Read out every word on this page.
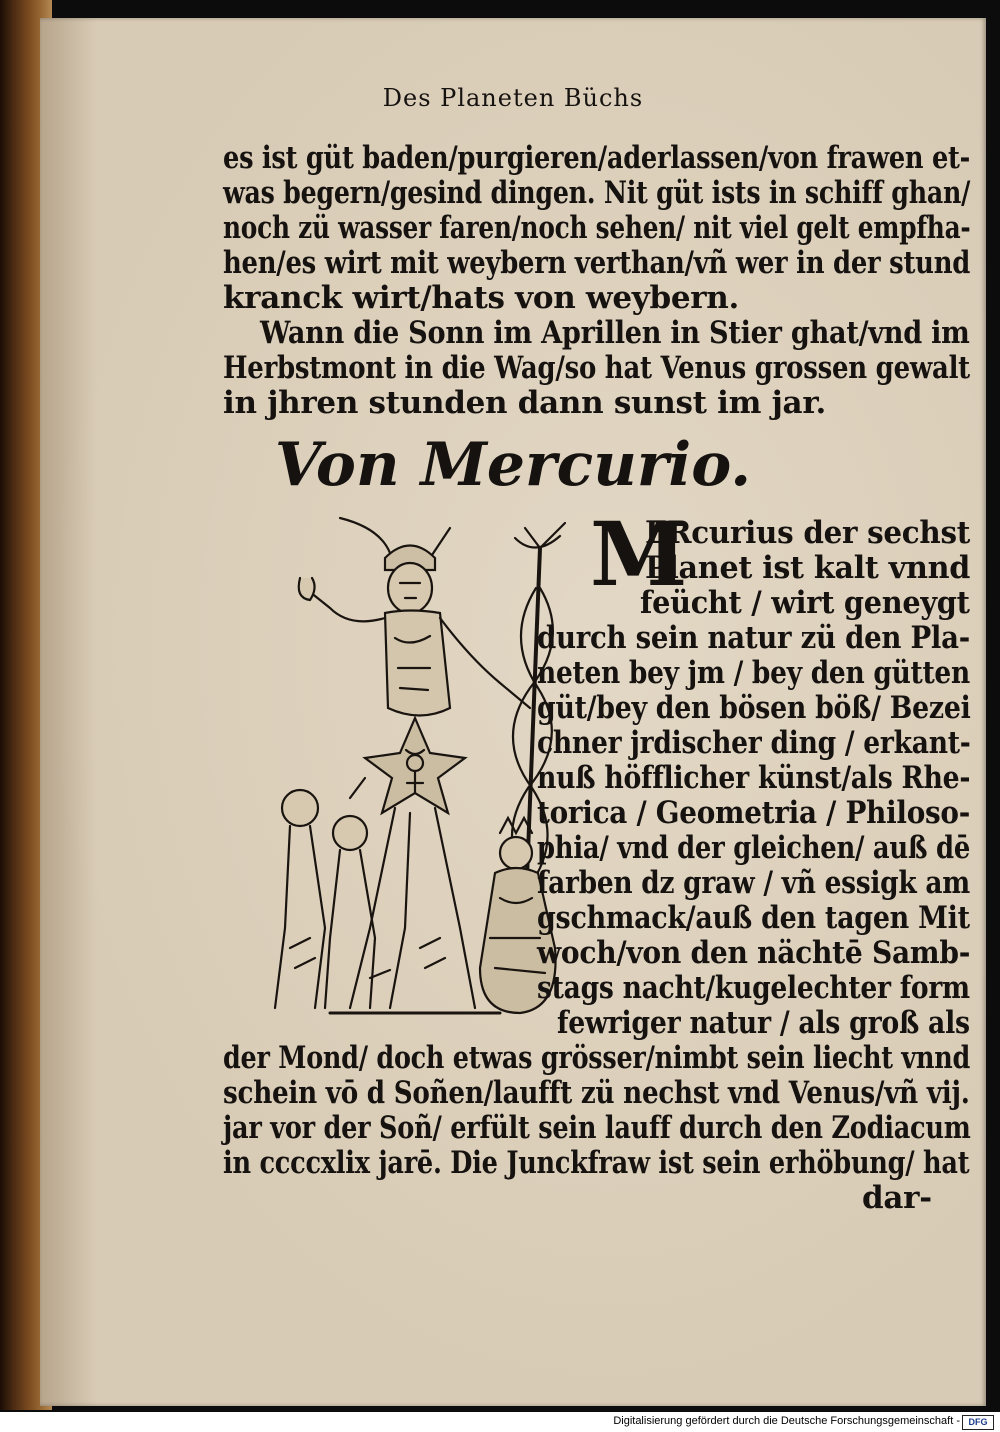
Des Planeten Büchs
es ist güt baden/purgieren/aderlassen/von frawen et-
was begern/gesind dingen. Nit güt ists in schiff ghan/
noch zü wasser faren/noch sehen/ nit viel gelt empfha-
hen/es wirt mit weybern verthan/vñ wer in der stund
kranck wirt/hats von weybern.
Wann die Sonn im Aprillen in Stier ghat/vnd im
Herbstmont in die Wag/so hat Venus grossen gewalt
in jhren stunden dann sunst im jar.
Von Mercurio.
M
ERcurius der sechst
Planet ist kalt vnnd
feücht / wirt geneygt
durch sein natur zü den Pla-
neten bey jm / bey den gütten
güt/bey den bösen böß/ Bezei
chner jrdischer ding / erkant-
nuß höfflicher künst/als Rhe-
torica / Geometria / Philoso-
phia/ vnd der gleichen/ auß dē
farben dz graw / vñ essigk am
gschmack/auß den tagen Mit
woch/von den nächtē Samb-
stags nacht/kugelechter form
fewriger natur / als groß als
der Mond/ doch etwas grösser/nimbt sein liecht vnnd
schein vō d Soñen/laufft zü nechst vnd Venus/vñ vij.
jar vor der Soñ/ erfült sein lauff durch den Zodiacum
in ccccxlix jarē. Die Junckfraw ist sein erhöbung/ hat
dar-
Digitalisierung gefördert durch die Deutsche Forschungsgemeinschaft - DFG
